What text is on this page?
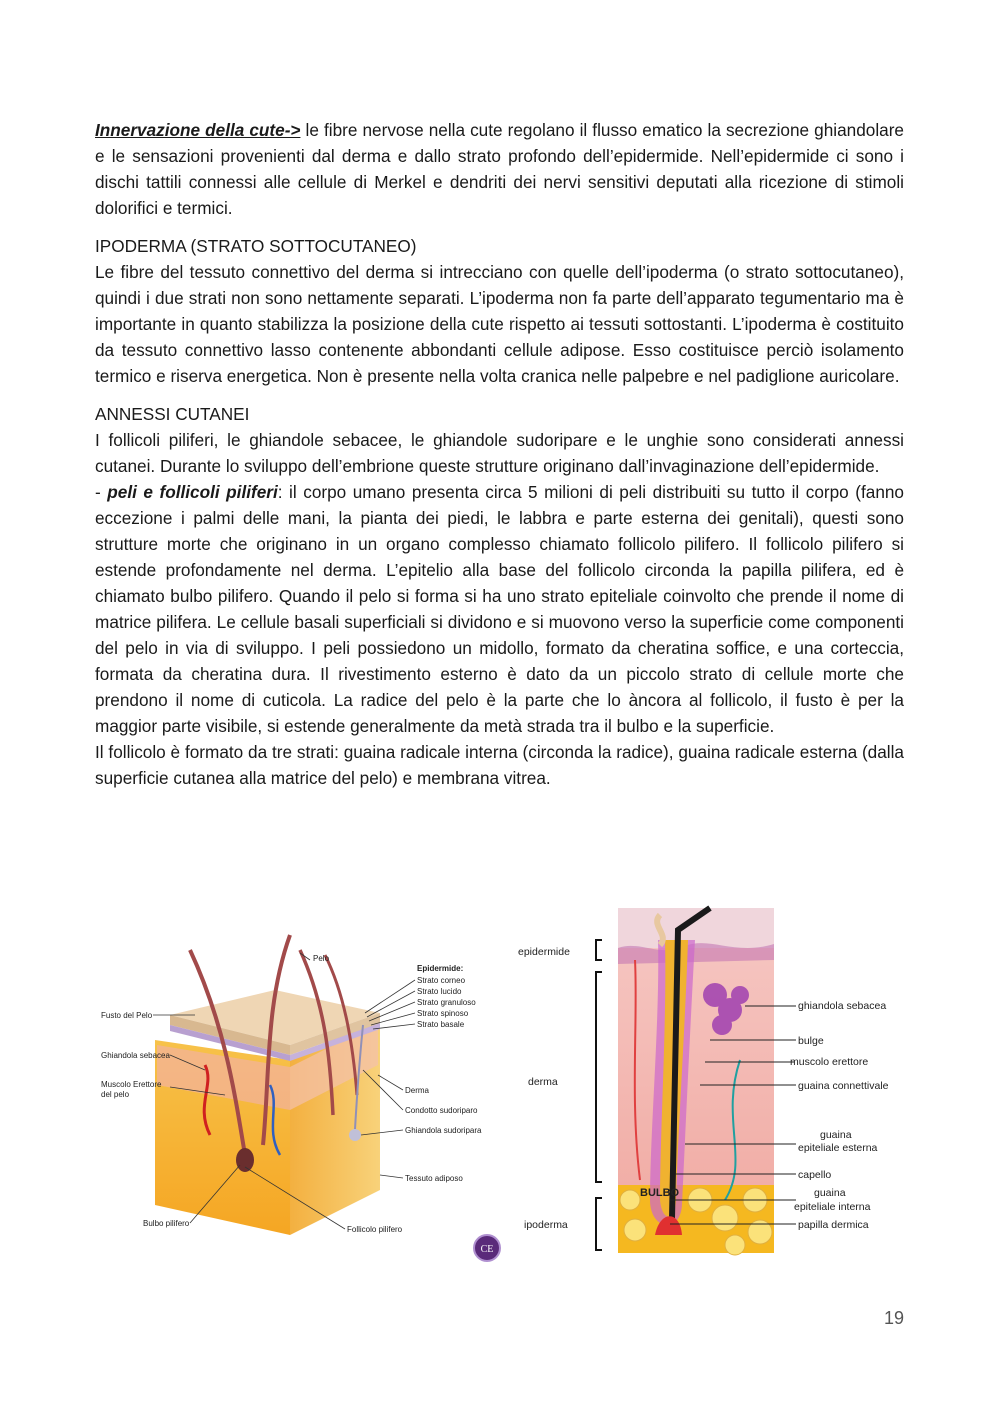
Innervazione della cute-> le fibre nervose nella cute regolano il flusso ematico la secrezione ghiandolare e le sensazioni provenienti dal derma e dallo strato profondo dell’epidermide. Nell’epidermide ci sono i dischi tattili connessi alle cellule di Merkel e dendriti dei nervi sensitivi deputati alla ricezione di stimoli dolorifici e termici.

IPODERMA (STRATO SOTTOCUTANEO)

Le fibre del tessuto connettivo del derma si intrecciano con quelle dell’ipoderma (o strato sottocutaneo), quindi i due strati non sono nettamente separati. L’ipoderma non fa parte dell’apparato tegumentario ma è importante in quanto stabilizza la posizione della cute rispetto ai tessuti sottostanti. L’ipoderma è costituito da tessuto connettivo lasso contenente abbondanti cellule adipose. Esso costituisce perciò isolamento termico e riserva energetica. Non è presente nella volta cranica nelle palpebre e nel padiglione auricolare.

ANNESSI CUTANEI

I follicoli piliferi, le ghiandole sebacee, le ghiandole sudoripare e le unghie sono considerati annessi cutanei. Durante lo sviluppo dell’embrione queste strutture originano dall’invaginazione dell’epidermide.

- peli e follicoli piliferi: il corpo umano presenta circa 5 milioni di peli distribuiti su tutto il corpo (fanno eccezione i palmi delle mani, la pianta dei piedi, le labbra e parte esterna dei genitali), questi sono strutture morte che originano in un organo complesso chiamato follicolo pilifero. Il follicolo pilifero si estende profondamente nel derma. L’epitelio alla base del follicolo circonda la papilla pilifera, ed è chiamato bulbo pilifero. Quando il pelo si forma si ha uno strato epiteliale coinvolto che prende il nome di matrice pilifera. Le cellule basali superficiali si dividono e si muovono verso la superficie come componenti del pelo in via di sviluppo. I peli possiedono un midollo, formato da cheratina soffice, e una corteccia, formata da cheratina dura. Il rivestimento esterno è dato da un piccolo strato di cellule morte che prendono il nome di cuticola. La radice del pelo è la parte che lo àncora al follicolo, il fusto è per la maggior parte visibile, si estende generalmente da metà strada tra il bulbo e la superficie.

Il follicolo è formato da tre strati: guaina radicale interna (circonda la radice), guaina radicale esterna (dalla superficie cutanea alla matrice del pelo) e membrana vitrea.

Pelo
Epidermide:
Strato corneo
Strato lucido
Strato granuloso
Strato spinoso
Strato basale
Fusto del Pelo
Ghiandola sebacea
Muscolo Erettore
del pelo	Derma
Condotto sudoriparo
Ghiandola sudoripara
Tessuto adiposo
Bulbo pilifero
Follicolo pilifero
CE
epidermide
derma
ipoderma
ghiandola sebacea
bulge
muscolo erettore
guaina connettivale
guaina
epiteliale esterna
capello
guaina
epiteliale interna
papilla dermica
BULBO
19
